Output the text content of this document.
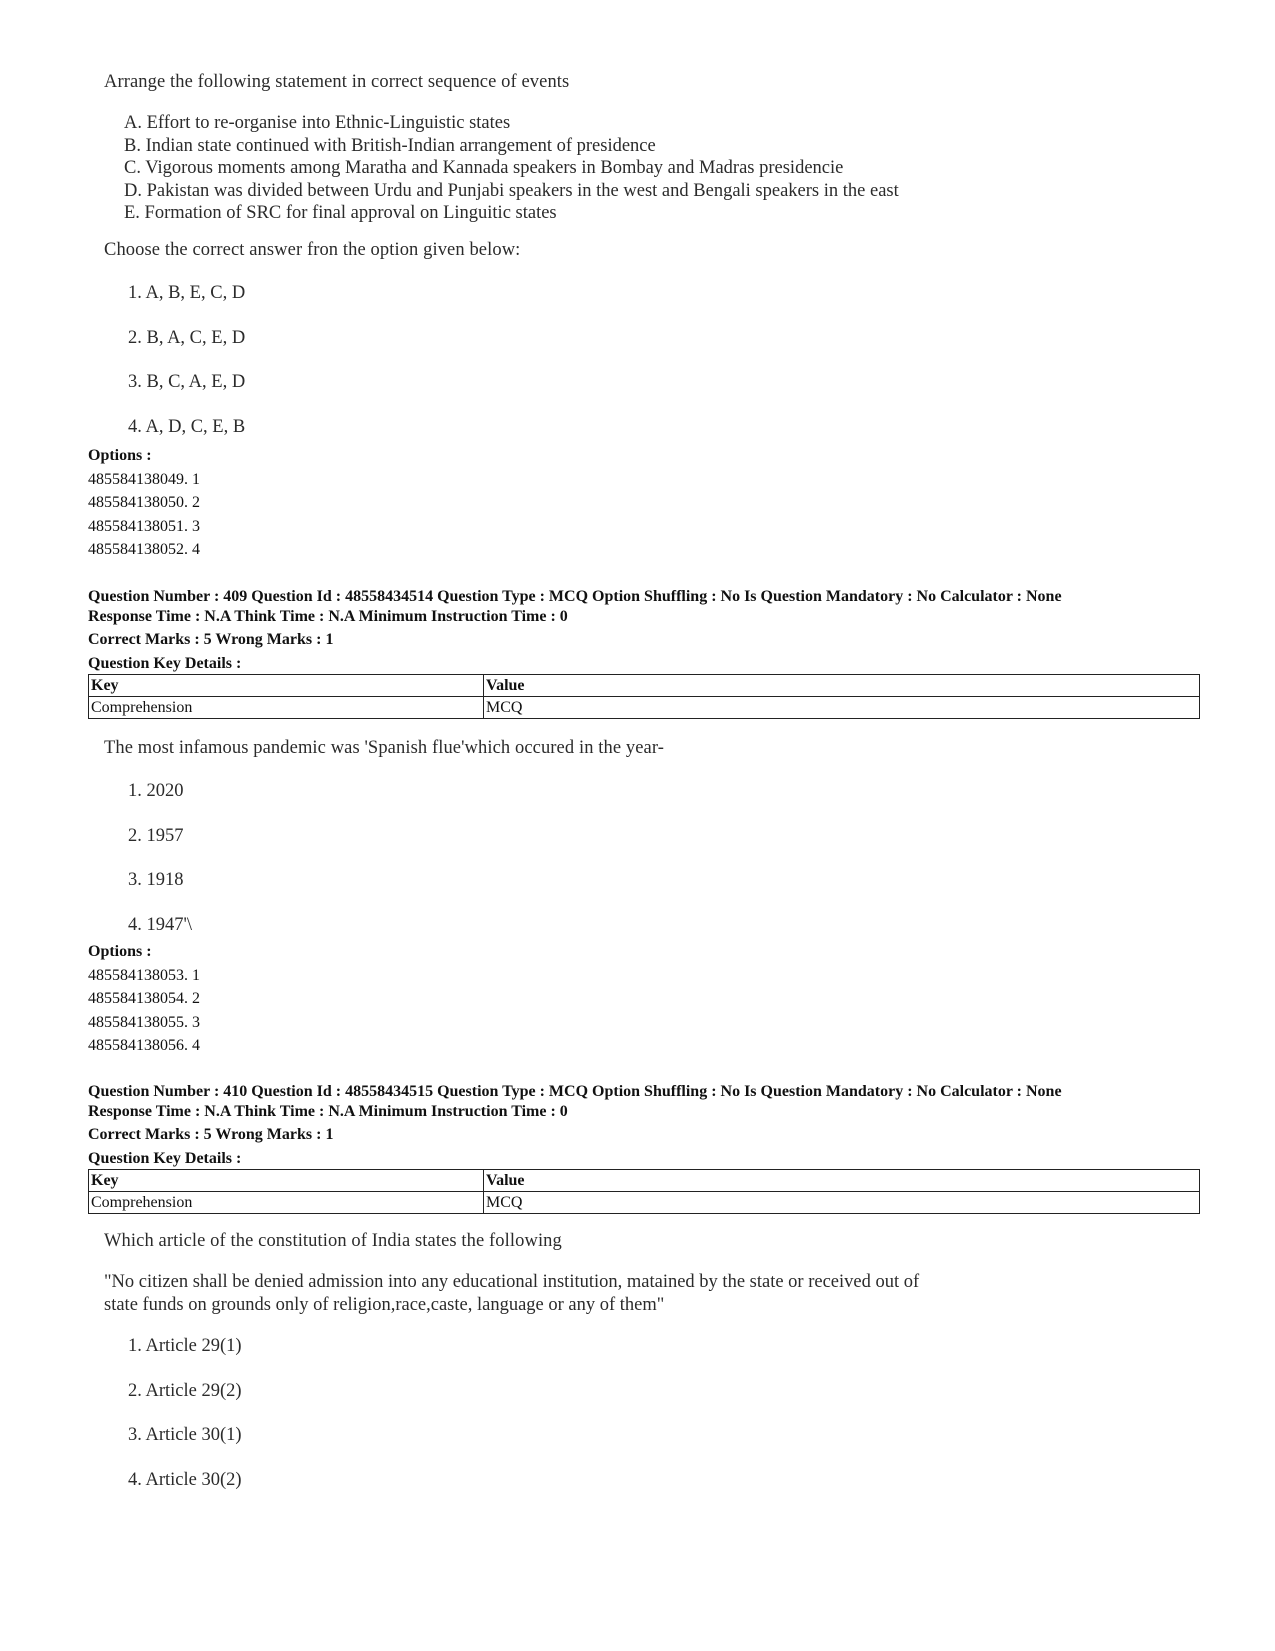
Arrange the following statement in correct sequence of events
A. Effort to re-organise into Ethnic-Linguistic states
B. Indian state continued with British-Indian arrangement of presidence
C. Vigorous moments among Maratha and Kannada speakers in Bombay and Madras presidencie
D. Pakistan was divided between Urdu and Punjabi speakers in the west and Bengali speakers in the east
E. Formation of SRC for final approval on Linguitic states
Choose the correct answer fron the option given below:
1. A, B, E, C, D
2. B, A, C, E, D
3. B, C, A, E, D
4. A, D, C, E, B
Options :
485584138049. 1
485584138050. 2
485584138051. 3
485584138052. 4
Question Number : 409 Question Id : 48558434514 Question Type : MCQ Option Shuffling : No Is Question Mandatory : No Calculator : None
Response Time : N.A Think Time : N.A Minimum Instruction Time : 0
Correct Marks : 5 Wrong Marks : 1
Question Key Details :
Key	Value
Comprehension	MCQ
The most infamous pandemic was 'Spanish flue'which occured in the year-
1. 2020
2. 1957
3. 1918
4. 1947'\
Options :
485584138053. 1
485584138054. 2
485584138055. 3
485584138056. 4
Question Number : 410 Question Id : 48558434515 Question Type : MCQ Option Shuffling : No Is Question Mandatory : No Calculator : None
Response Time : N.A Think Time : N.A Minimum Instruction Time : 0
Correct Marks : 5 Wrong Marks : 1
Question Key Details :
Key	Value
Comprehension	MCQ
Which article of the constitution of India states the following
"No citizen shall be denied admission into any educational institution, matained by the state or received out of
state funds on grounds only of religion,race,caste, language or any of them"
1. Article 29(1)
2. Article 29(2)
3. Article 30(1)
4. Article 30(2)
